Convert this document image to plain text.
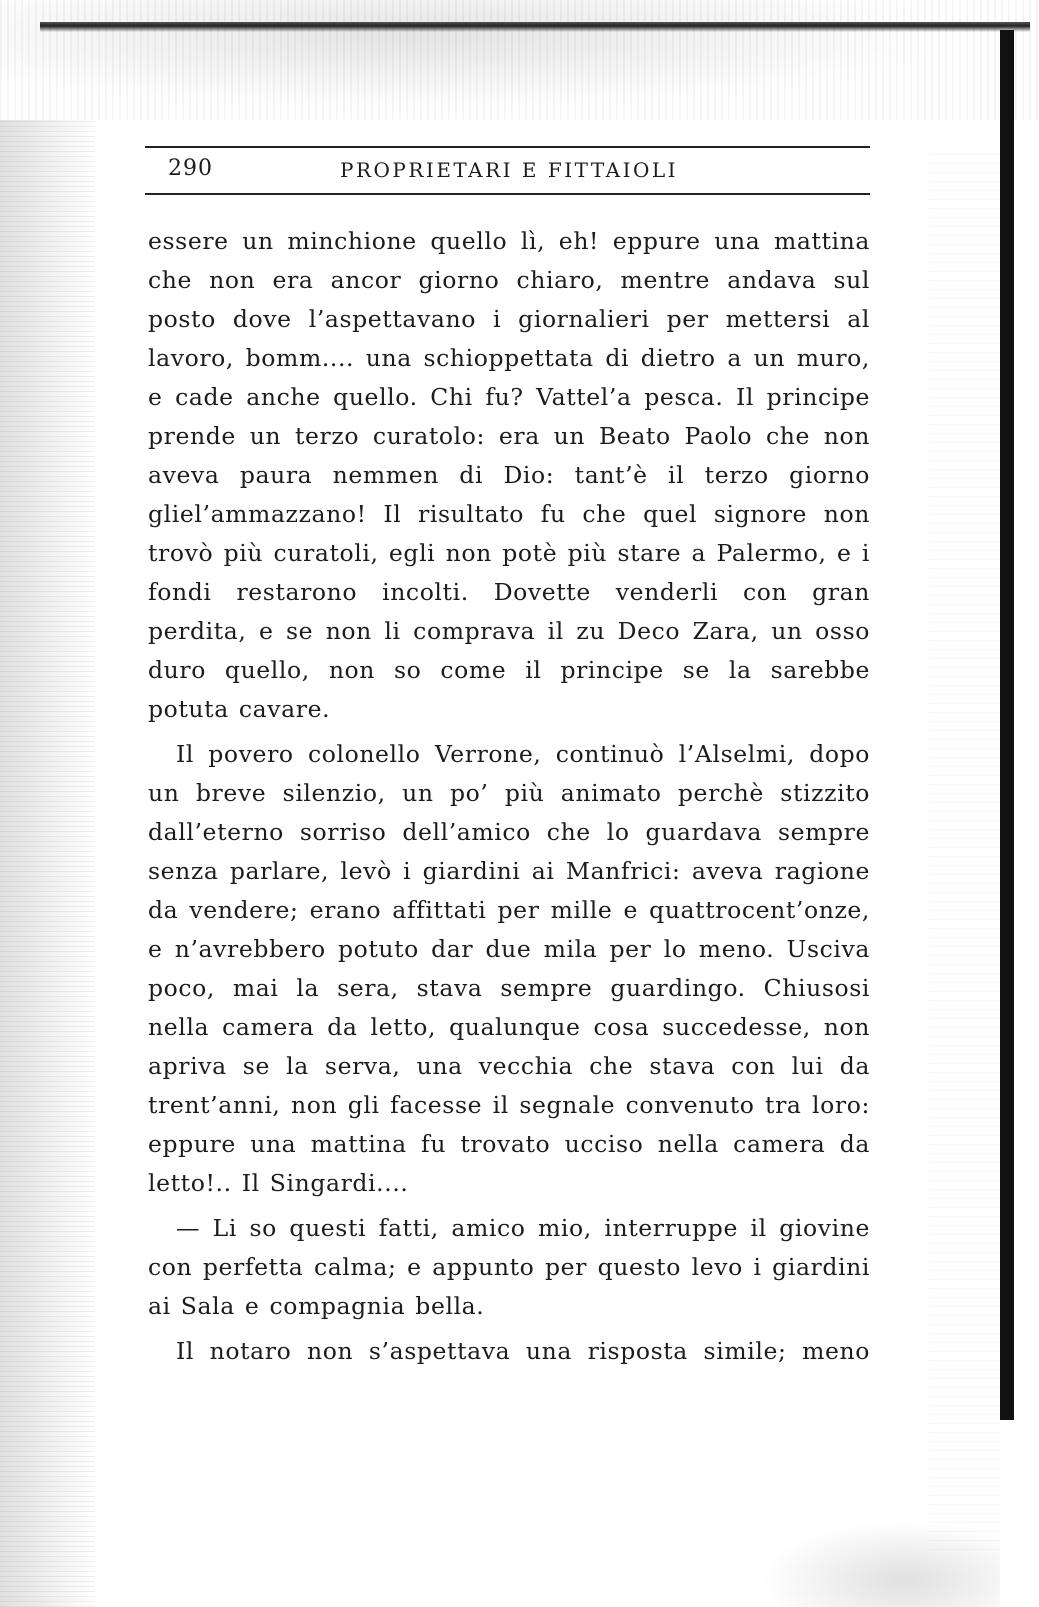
290	PROPRIETARI E FITTAIOLI

essere un minchione quello lì, eh! eppure una mattina che non era ancor giorno chiaro, mentre andava sul posto dove l’aspettavano i giornalieri per mettersi al lavoro, bomm.... una schioppettata di dietro a un muro, e cade anche quello. Chi fu? Vattel’a pesca. Il principe prende un terzo curatolo: era un Beato Paolo che non aveva paura nemmen di Dio: tant’è il terzo giorno gliel’ammazzano! Il risultato fu che quel signore non trovò più curatoli, egli non potè più stare a Palermo, e i fondi restarono incolti. Dovette venderli con gran perdita, e se non li comprava il zu Deco Zara, un osso duro quello, non so come il principe se la sarebbe potuta cavare.

Il povero colonello Verrone, continuò l’Alselmi, dopo un breve silenzio, un po’ più animato perchè stizzito dall’eterno sorriso dell’amico che lo guardava sempre senza parlare, levò i giardini ai Manfrici: aveva ragione da vendere; erano affittati per mille e quattrocent’onze, e n’avrebbero potuto dar due mila per lo meno. Usciva poco, mai la sera, stava sempre guardingo. Chiusosi nella camera da letto, qualunque cosa succedesse, non apriva se la serva, una vecchia che stava con lui da trent’anni, non gli facesse il segnale convenuto tra loro: eppure una mattina fu trovato ucciso nella camera da letto!.. Il Singardi....

— Li so questi fatti, amico mio, interruppe il giovine con perfetta calma; e appunto per questo levo i giardini ai Sala e compagnia bella.

Il notaro non s’aspettava una risposta simile; meno
